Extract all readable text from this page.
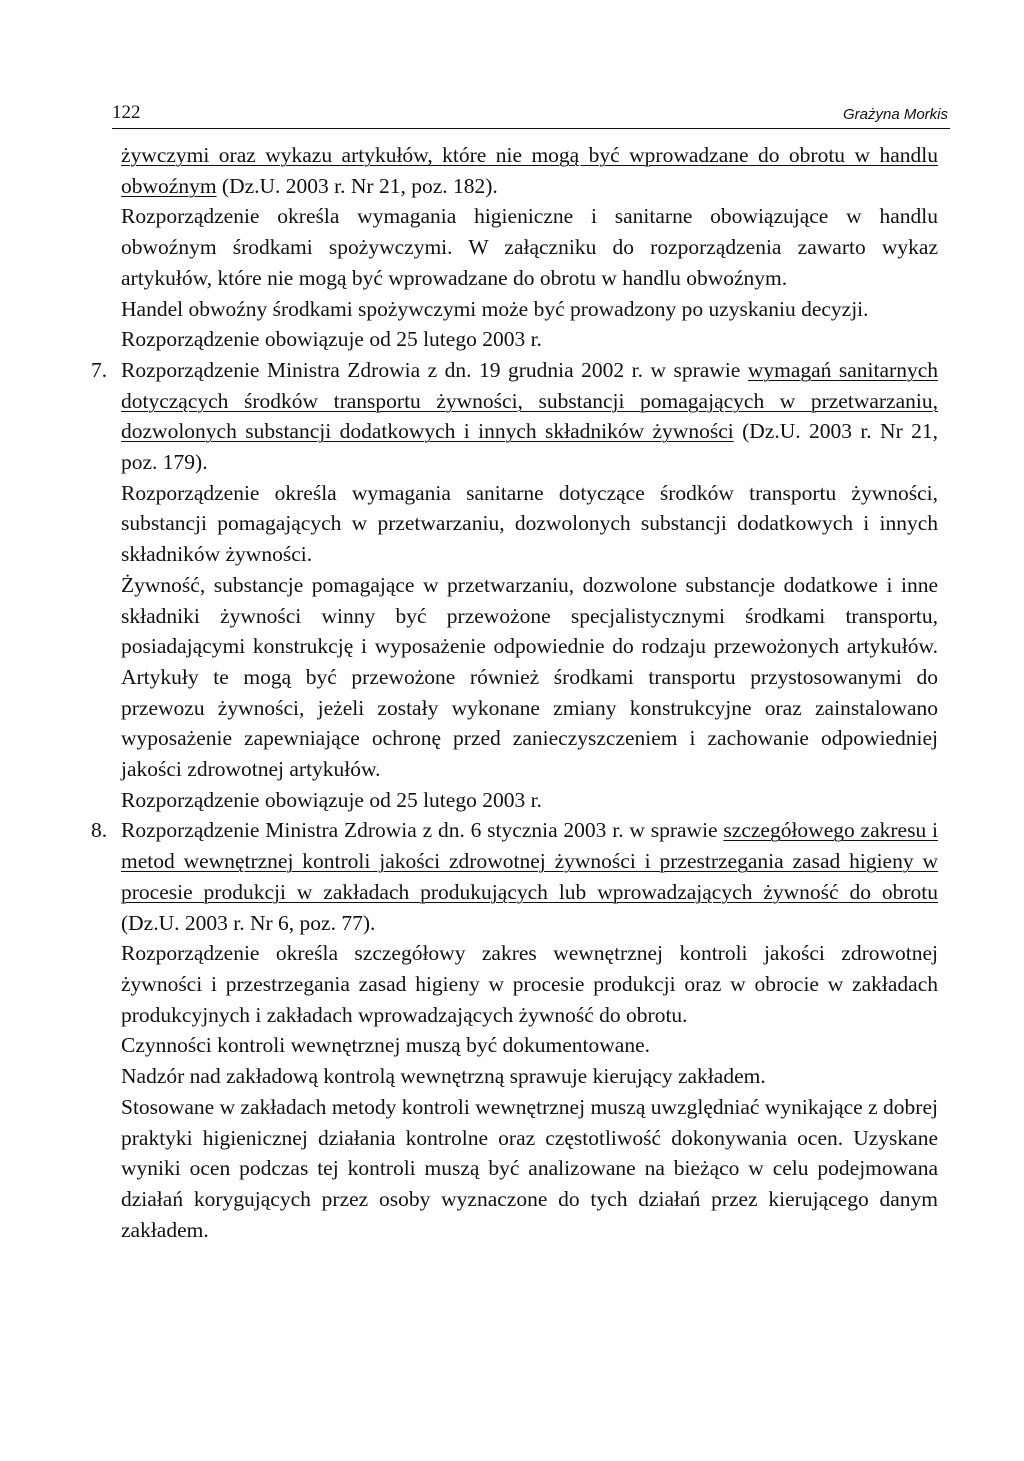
122	Grażyna Morkis

żywczymi oraz wykazu artykułów, które nie mogą być wprowadzane do obrotu w handlu obwoźnym (Dz.U. 2003 r. Nr 21, poz. 182).

Rozporządzenie określa wymagania higieniczne i sanitarne obowiązujące w handlu obwoźnym środkami spożywczymi. W załączniku do rozporządzenia zawarto wykaz artykułów, które nie mogą być wprowadzane do obrotu w handlu obwoźnym.

Handel obwoźny środkami spożywczymi może być prowadzony po uzyskaniu decyzji.

Rozporządzenie obowiązuje od 25 lutego 2003 r.

7. Rozporządzenie Ministra Zdrowia z dn. 19 grudnia 2002 r. w sprawie wymagań sanitarnych dotyczących środków transportu żywności, substancji pomagających w przetwarzaniu, dozwolonych substancji dodatkowych i innych składników żywności (Dz.U. 2003 r. Nr 21, poz. 179).

Rozporządzenie określa wymagania sanitarne dotyczące środków transportu żywności, substancji pomagających w przetwarzaniu, dozwolonych substancji dodatkowych i innych składników żywności.

Żywność, substancje pomagające w przetwarzaniu, dozwolone substancje dodatkowe i inne składniki żywności winny być przewożone specjalistycznymi środkami transportu, posiadającymi konstrukcję i wyposażenie odpowiednie do rodzaju przewożonych artykułów. Artykuły te mogą być przewożone również środkami transportu przystosowanymi do przewozu żywności, jeżeli zostały wykonane zmiany konstrukcyjne oraz zainstalowano wyposażenie zapewniające ochronę przed zanieczyszczeniem i zachowanie odpowiedniej jakości zdrowotnej artykułów.

Rozporządzenie obowiązuje od 25 lutego 2003 r.

8. Rozporządzenie Ministra Zdrowia z dn. 6 stycznia 2003 r. w sprawie szczegółowego zakresu i metod wewnętrznej kontroli jakości zdrowotnej żywności i przestrzegania zasad higieny w procesie produkcji w zakładach produkujących lub wprowadzających żywność do obrotu (Dz.U. 2003 r. Nr 6, poz. 77).

Rozporządzenie określa szczegółowy zakres wewnętrznej kontroli jakości zdrowotnej żywności i przestrzegania zasad higieny w procesie produkcji oraz w obrocie w zakładach produkcyjnych i zakładach wprowadzających żywność do obrotu.

Czynności kontroli wewnętrznej muszą być dokumentowane.

Nadzór nad zakładową kontrolą wewnętrzną sprawuje kierujący zakładem.

Stosowane w zakładach metody kontroli wewnętrznej muszą uwzględniać wynikające z dobrej praktyki higienicznej działania kontrolne oraz częstotliwość dokonywania ocen. Uzyskane wyniki ocen podczas tej kontroli muszą być analizowane na bieżąco w celu podejmowana działań korygujących przez osoby wyznaczone do tych działań przez kierującego danym zakładem.
